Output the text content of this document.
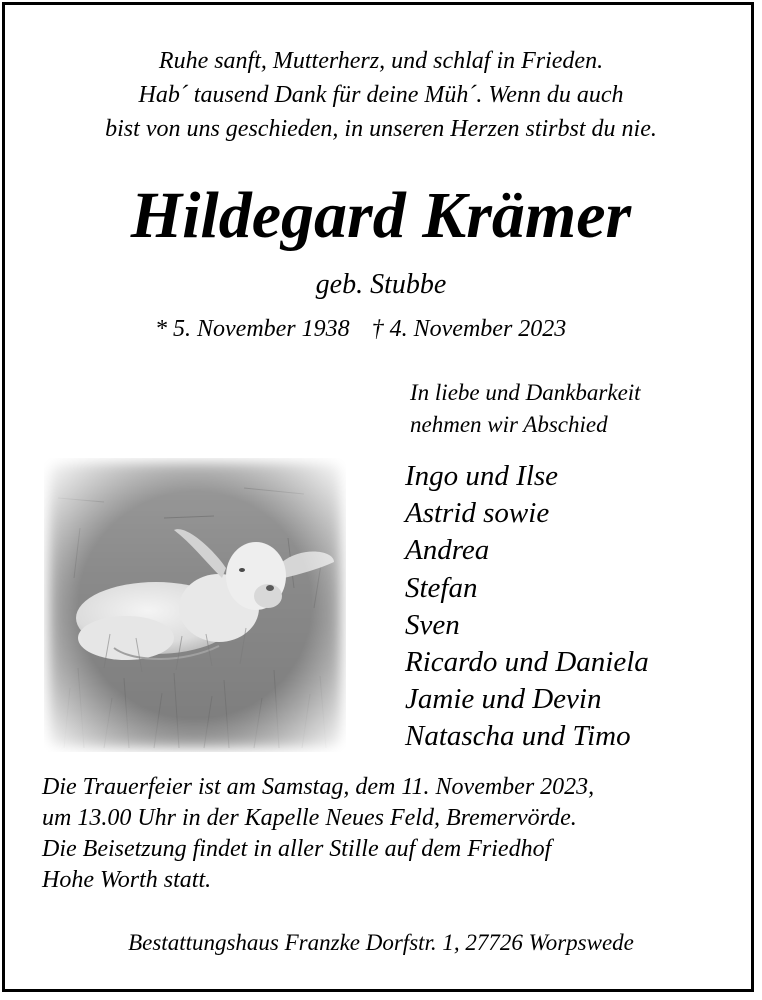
Ruhe sanft, Mutterherz, und schlaf in Frieden.
Hab´ tausend Dank für deine Müh´. Wenn du auch
bist von uns geschieden, in unseren Herzen stirbst du nie.
Hildegard Krämer
geb. Stubbe
* 5. November 1938 † 4. November 2023
In liebe und Dankbarkeit
nehmen wir Abschied
Ingo und Ilse
Astrid sowie
Andrea
Stefan
Sven
Ricardo und Daniela
Jamie und Devin
Natascha und Timo
Die Trauerfeier ist am Samstag, dem 11. November 2023,
um 13.00 Uhr in der Kapelle Neues Feld, Bremervörde.
Die Beisetzung findet in aller Stille auf dem Friedhof
Hohe Worth statt.
Bestattungshaus Franzke Dorfstr. 1, 27726 Worpswede
